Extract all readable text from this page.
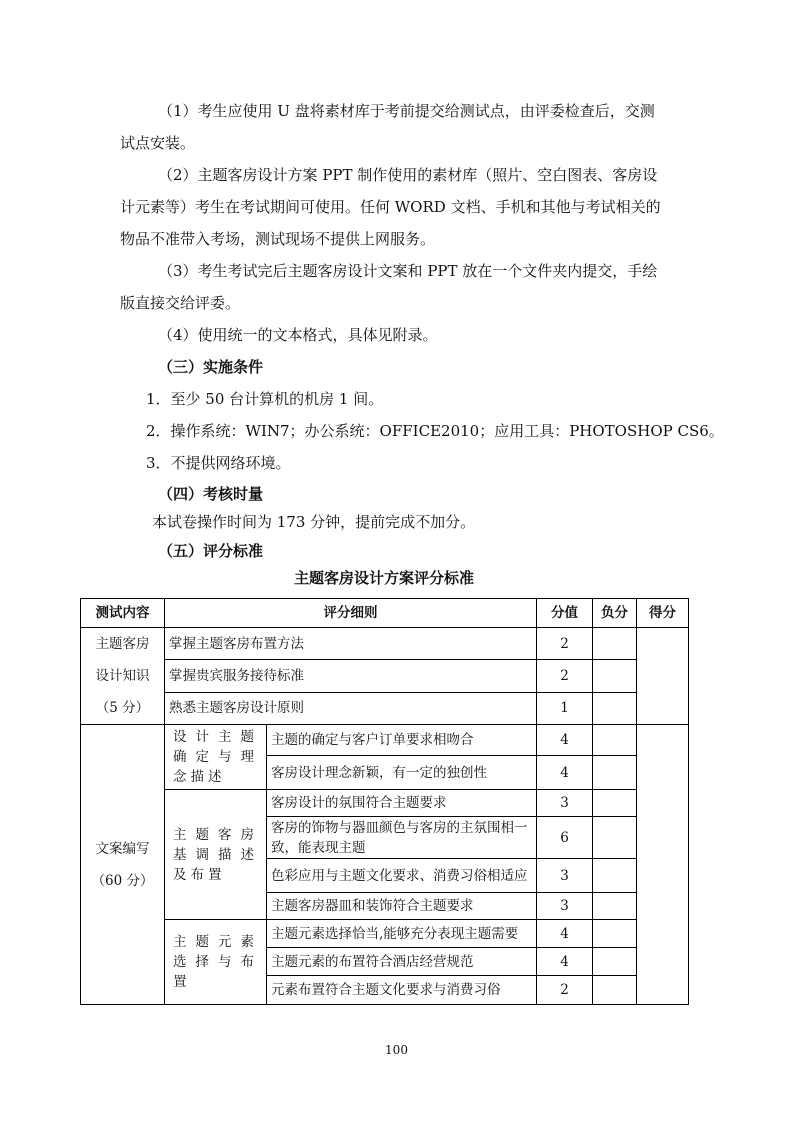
（1）考生应使用 U 盘将素材库于考前提交给测试点，由评委检查后，交测
试点安装。
（2）主题客房设计方案 PPT 制作使用的素材库（照片、空白图表、客房设
计元素等）考生在考试期间可使用。任何 WORD 文档、手机和其他与考试相关的
物品不准带入考场，测试现场不提供上网服务。
（3）考生考试完后主题客房设计文案和 PPT 放在一个文件夹内提交，手绘
版直接交给评委。
（4）使用统一的文本格式，具体见附录。
（三）实施条件
1．至少 50 台计算机的机房 1 间。
2．操作系统：WIN7；办公系统：OFFICE2010；应用工具：PHOTOSHOP CS6。
3．不提供网络环境。
（四）考核时量
本试卷操作时间为 173 分钟，提前完成不加分。
（五）评分标准
主题客房设计方案评分标准
测试内容	评分细则		分值	负分	得分

主题客房
设计知识
（5 分）	掌握主题客房布置方法		2		
	掌握贵宾服务接待标准		2		
	熟悉主题客房设计原则		1		

文案编写
（60 分）	设计主题确定与理念描述	主题的确定与客户订单要求相吻合	4		
		客房设计理念新颖，有一定的独创性	4		
	主题客房基调描述及布置	客房设计的氛围符合主题要求	3		
		客房的饰物与器皿颜色与客房的主氛围相一致，能表现主题	6		
		色彩应用与主题文化要求、消费习俗相适应	3		
		主题客房器皿和装饰符合主题要求	3		
	主题元素选择与布置	主题元素选择恰当,能够充分表现主题需要	4		
		主题元素的布置符合酒店经营规范	4		
		元素布置符合主题文化要求与消费习俗	2		
100
